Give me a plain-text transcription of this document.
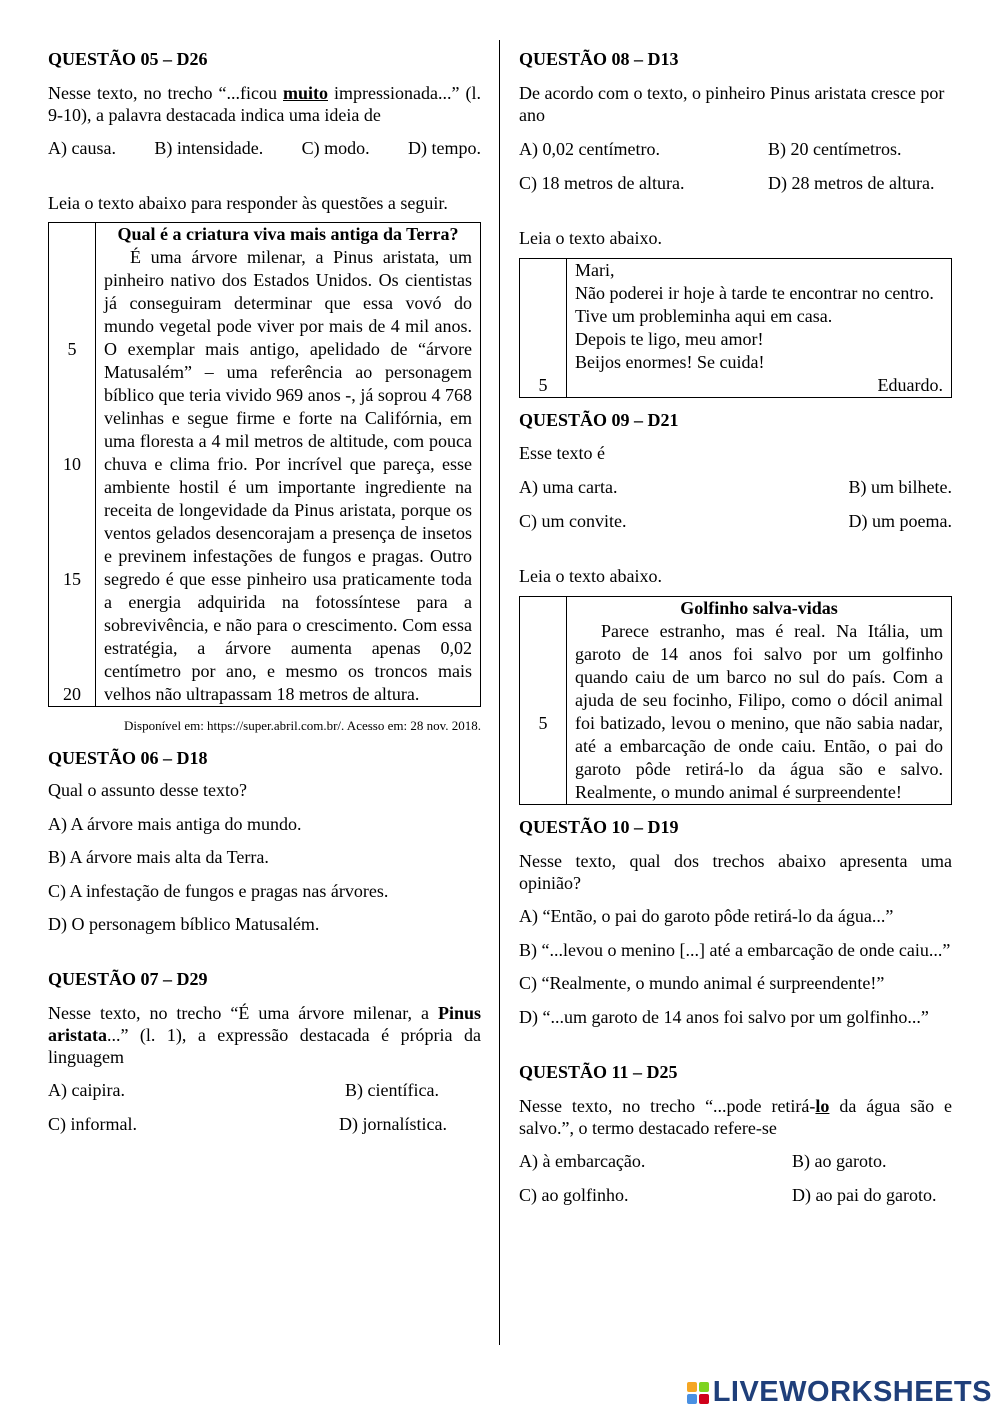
QUESTÃO 05 – D26

Nesse texto, no trecho “...ficou muito impressionada...” (l. 9-10), a palavra destacada indica uma ideia de

A) causa. B) intensidade. C) modo. D) tempo.

Leia o texto abaixo para responder às questões a seguir.

5
10
15
20

Qual é a criatura viva mais antiga da Terra?
É uma árvore milenar, a Pinus aristata, um pinheiro nativo dos Estados Unidos. Os cientistas já conseguiram determinar que essa vovó do mundo vegetal pode viver por mais de 4 mil anos. O exemplar mais antigo, apelidado de “árvore Matusalém” – uma referência ao personagem bíblico que teria vivido 969 anos -, já soprou 4 768 velinhas e segue firme e forte na Califórnia, em uma floresta a 4 mil metros de altitude, com pouca chuva e clima frio. Por incrível que pareça, esse ambiente hostil é um importante ingrediente na receita de longevidade da Pinus aristata, porque os ventos gelados desencorajam a presença de insetos e previnem infestações de fungos e pragas. Outro segredo é que esse pinheiro usa praticamente toda a energia adquirida na fotossíntese para a sobrevivência, e não para o crescimento. Com essa estratégia, a árvore aumenta apenas 0,02 centímetro por ano, e mesmo os troncos mais velhos não ultrapassam 18 metros de altura.
Disponível em: https://super.abril.com.br/. Acesso em: 28 nov. 2018.
QUESTÃO 06 – D18

Qual o assunto desse texto?

A) A árvore mais antiga do mundo.
B) A árvore mais alta da Terra.
C) A infestação de fungos e pragas nas árvores.
D) O personagem bíblico Matusalém.
QUESTÃO 07 – D29

Nesse texto, no trecho “É uma árvore milenar, a Pinus aristata...” (l. 1), a expressão destacada é própria da linguagem

A) caipira.	B) científica.
C) informal.	D) jornalística.
QUESTÃO 08 – D13

De acordo com o texto, o pinheiro Pinus aristata cresce por ano

A) 0,02 centímetro.	B) 20 centímetros.
C) 18 metros de altura.	D) 28 metros de altura.

Leia o texto abaixo.

5

Mari,
Não poderei ir hoje à tarde te encontrar no centro.
Tive um probleminha aqui em casa.
Depois te ligo, meu amor!
Beijos enormes! Se cuida!
Eduardo.
QUESTÃO 09 – D21

Esse texto é

A) uma carta.	B) um bilhete.
C) um convite.	D) um poema.

Leia o texto abaixo.

5

Golfinho salva-vidas
Parece estranho, mas é real. Na Itália, um garoto de 14 anos foi salvo por um golfinho quando caiu de um barco no sul do país. Com a ajuda de seu focinho, Filipo, como o dócil animal foi batizado, levou o menino, que não sabia nadar, até a embarcação de onde caiu. Então, o pai do garoto pôde retirá-lo da água são e salvo. Realmente, o mundo animal é surpreendente!
QUESTÃO 10 – D19

Nesse texto, qual dos trechos abaixo apresenta uma opinião?

A) “Então, o pai do garoto pôde retirá-lo da água...”
B) “...levou o menino [...] até a embarcação de onde caiu...”
C) “Realmente, o mundo animal é surpreendente!”
D) “...um garoto de 14 anos foi salvo por um golfinho...”
QUESTÃO 11 – D25

Nesse texto, no trecho “...pode retirá-lo da água são e salvo.”, o termo destacado refere-se

A) à embarcação.	B) ao garoto.
C) ao golfinho.	D) ao pai do garoto.
LIVEWORKSHEETS
